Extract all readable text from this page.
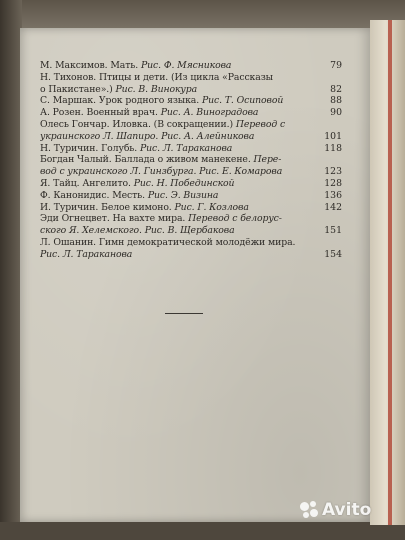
М. Максимов. Мать. Рис. Ф. Мясникова	79
Н. Тихонов. Птицы и дети. (Из цикла «Рассказы
о Пакистане».) Рис. В. Винокура	82
С. Маршак. Урок родного языка. Рис. Т. Осиповой	88
А. Розен. Военный врач. Рис. А. Виноградова	90
Олесь Гончар. Иловка. (В сокращении.) Перевод с
украинского Л. Шапиро. Рис. А. Алейникова	101
Н. Туричин. Голубь. Рис. Л. Тараканова	118
Богдан Чалый. Баллада о живом манекене. Пере-
вод с украинского Л. Гинзбурга. Рис. Е. Комарова	123
Я. Тайц. Ангелито. Рис. Н. Побединской	128
Ф. Канонидис. Месть. Рис. Э. Визина	136
И. Туричин. Белое кимоно. Рис. Г. Козлова	142
Эди Огнецвет. На вахте мира. Перевод с белорус-
ского Я. Хелемского. Рис. В. Щербакова	151
Л. Ошанин. Гимн демократической молодёжи мира.
Рис. Л. Тараканова	154
Avito
